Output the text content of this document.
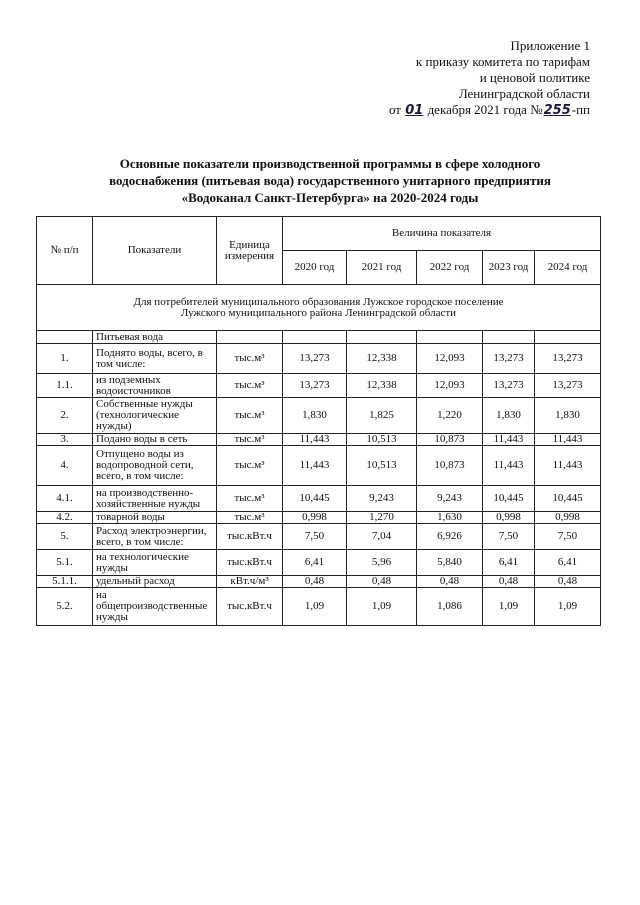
Приложение 1
к приказу комитета по тарифам
и ценовой политике
Ленинградской области
от 01 декабря 2021 года №255-пп
Основные показатели производственной программы в сфере холодного
водоснабжения (питьевая вода) государственного унитарного предприятия
«Водоканал Санкт-Петербурга» на 2020-2024 годы
№ п/п	Показатели	Единица измерения	Величина показателя				
			2020 год	2021 год	2022 год	2023 год	2024 год

Для потребителей муниципального образования Лужское городское поселение
Лужского муниципального района Ленинградской области							

	Питьевая вода						
1.	Поднято воды, всего, в том числе:	тыс.м³	13,273	12,338	12,093	13,273	13,273
1.1.	из подземных водоисточников	тыс.м³	13,273	12,338	12,093	13,273	13,273
2.	Собственные нужды (технологические нужды)	тыс.м³	1,830	1,825	1,220	1,830	1,830
3.	Подано воды в сеть	тыс.м³	11,443	10,513	10,873	11,443	11,443
4.	Отпущено воды из водопроводной сети, всего, в том числе:	тыс.м³	11,443	10,513	10,873	11,443	11,443
4.1.	на производственно-хозяйственные нужды	тыс.м³	10,445	9,243	9,243	10,445	10,445
4.2.	товарной воды	тыс.м³	0,998	1,270	1,630	0,998	0,998
5.	Расход электроэнергии, всего, в том числе:	тыс.кВт.ч	7,50	7,04	6,926	7,50	7,50
5.1.	на технологические нужды	тыс.кВт.ч	6,41	5,96	5,840	6,41	6,41
5.1.1.	удельный расход	кВт.ч/м³	0,48	0,48	0,48	0,48	0,48
5.2.	на общепроизводственные нужды	тыс.кВт.ч	1,09	1,09	1,086	1,09	1,09
